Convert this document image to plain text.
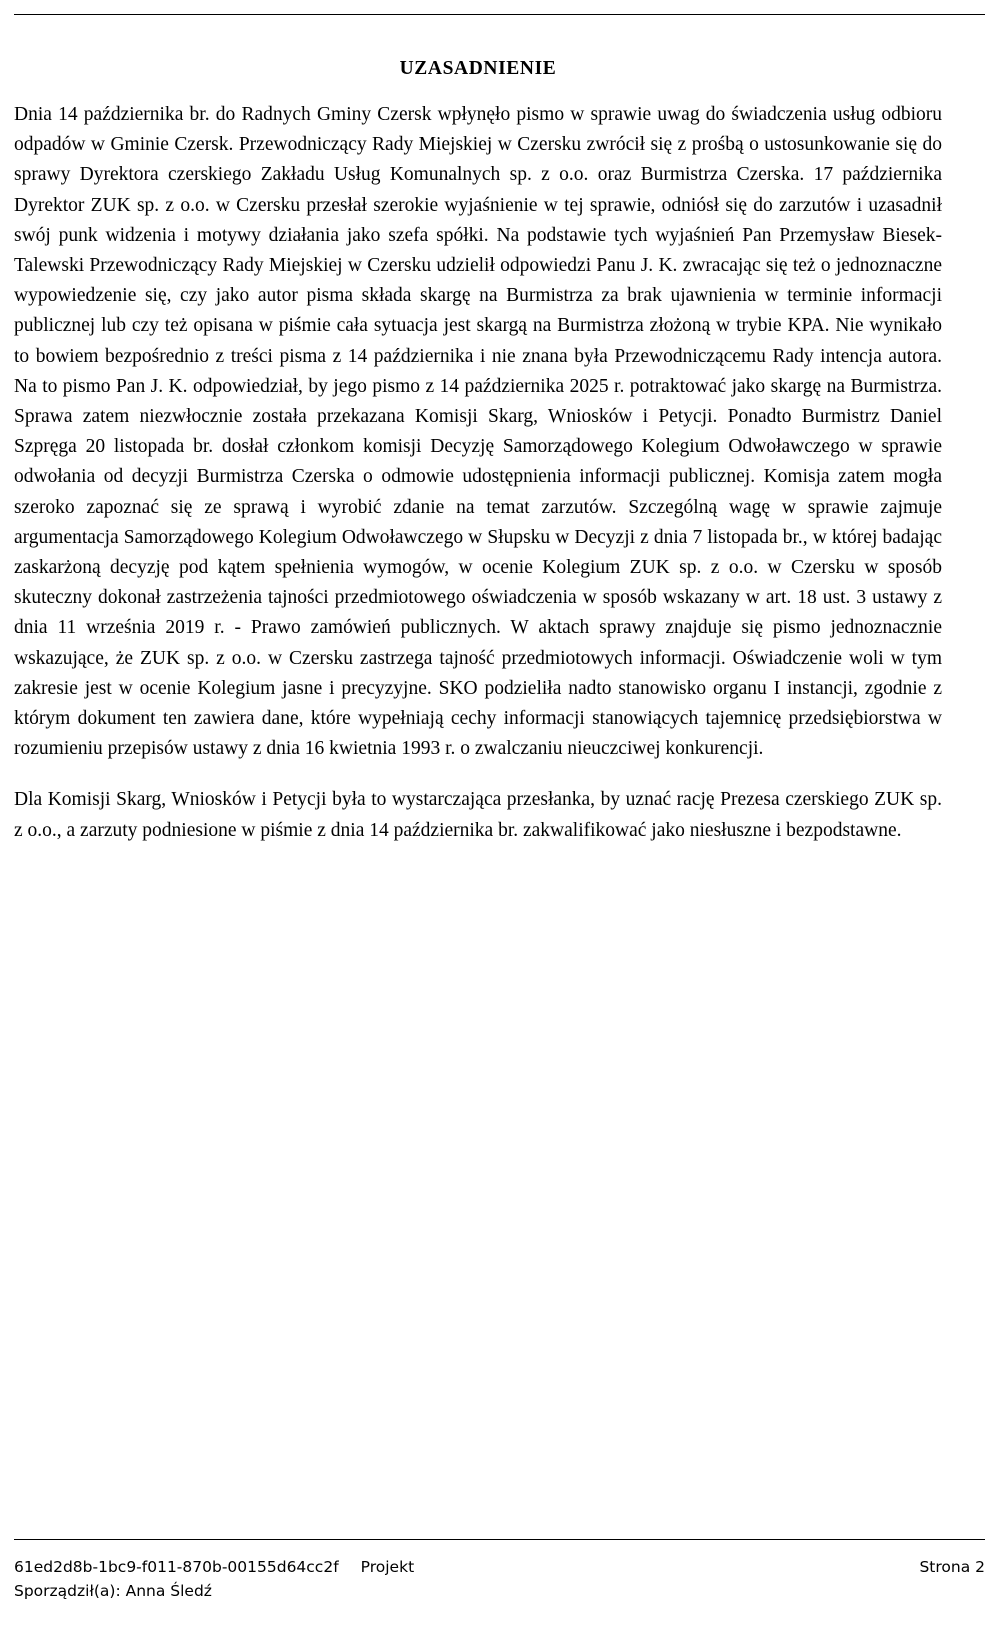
UZASADNIENIE

Dnia 14 października br. do Radnych Gminy Czersk wpłynęło pismo w sprawie uwag do świadczenia usług odbioru odpadów w Gminie Czersk. Przewodniczący Rady Miejskiej w Czersku zwrócił się z prośbą o ustosunkowanie się do sprawy Dyrektora czerskiego Zakładu Usług Komunalnych sp. z o.o. oraz Burmistrza Czerska. 17 października Dyrektor ZUK sp. z o.o. w Czersku przesłał szerokie wyjaśnienie w tej sprawie, odniósł się do zarzutów i uzasadnił swój punk widzenia i motywy działania jako szefa spółki. Na podstawie tych wyjaśnień Pan Przemysław Biesek-Talewski Przewodniczący Rady Miejskiej w Czersku udzielił odpowiedzi Panu J. K. zwracając się też o jednoznaczne wypowiedzenie się, czy jako autor pisma składa skargę na Burmistrza za brak ujawnienia w terminie informacji publicznej lub czy też opisana w piśmie cała sytuacja jest skargą na Burmistrza złożoną w trybie KPA. Nie wynikało to bowiem bezpośrednio z treści pisma z 14 października i nie znana była Przewodniczącemu Rady intencja autora. Na to pismo Pan J. K. odpowiedział, by jego pismo z 14 października 2025 r. potraktować jako skargę na Burmistrza. Sprawa zatem niezwłocznie została przekazana Komisji Skarg, Wniosków i Petycji. Ponadto Burmistrz Daniel Szpręga 20 listopada br. dosłał członkom komisji Decyzję Samorządowego Kolegium Odwoławczego w sprawie odwołania od decyzji Burmistrza Czerska o odmowie udostępnienia informacji publicznej. Komisja zatem mogła szeroko zapoznać się ze sprawą i wyrobić zdanie na temat zarzutów. Szczególną wagę w sprawie zajmuje argumentacja Samorządowego Kolegium Odwoławczego w Słupsku w Decyzji z dnia 7 listopada br., w której badając zaskarżoną decyzję pod kątem spełnienia wymogów, w ocenie Kolegium ZUK sp. z o.o. w Czersku w sposób skuteczny dokonał zastrzeżenia tajności przedmiotowego oświadczenia w sposób wskazany w art. 18 ust. 3 ustawy z dnia 11 września 2019 r. - Prawo zamówień publicznych. W aktach sprawy znajduje się pismo jednoznacznie wskazujące, że ZUK sp. z o.o. w Czersku zastrzega tajność przedmiotowych informacji. Oświadczenie woli w tym zakresie jest w ocenie Kolegium jasne i precyzyjne. SKO podzieliła nadto stanowisko organu I instancji, zgodnie z którym dokument ten zawiera dane, które wypełniają cechy informacji stanowiących tajemnicę przedsiębiorstwa w rozumieniu przepisów ustawy z dnia 16 kwietnia 1993 r. o zwalczaniu nieuczciwej konkurencji.

Dla Komisji Skarg, Wniosków i Petycji była to wystarczająca przesłanka, by uznać rację Prezesa czerskiego ZUK sp. z o.o., a zarzuty podniesione w piśmie z dnia 14 października br. zakwalifikować jako niesłuszne i bezpodstawne.

61ed2d8b-1bc9-f011-870b-00155d64cc2f Projekt	Strona 2
Sporządził(a): Anna Śledź
